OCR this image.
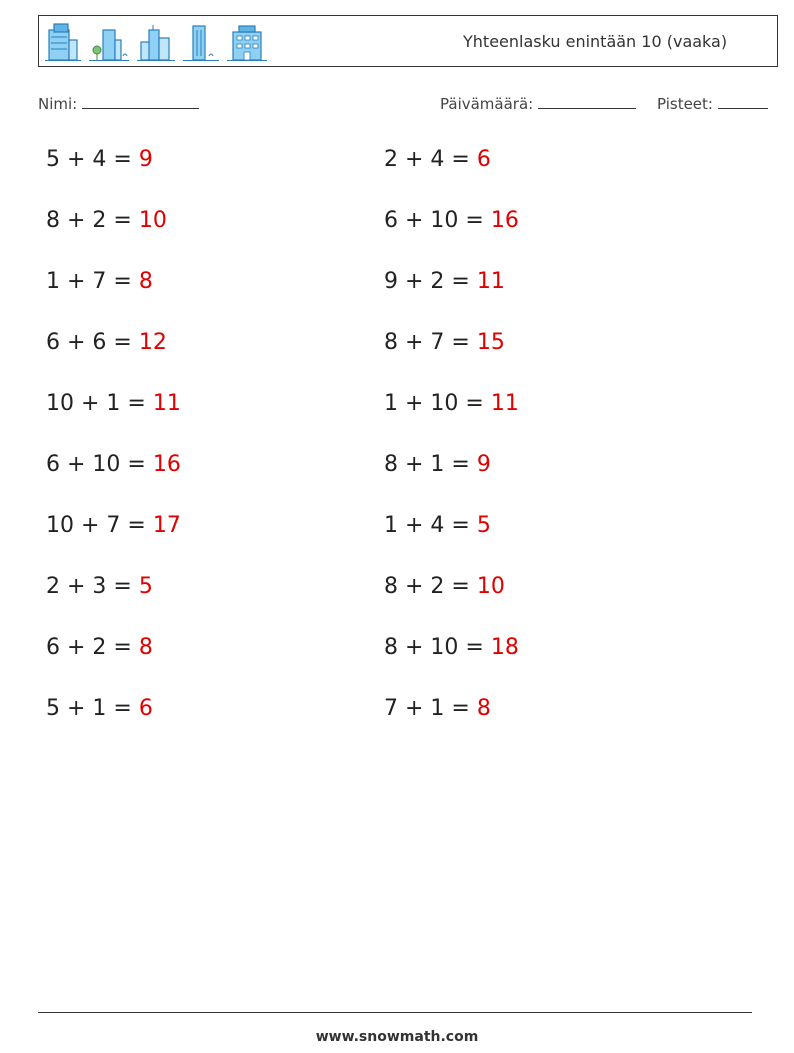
Yhteenlasku enintään 10 (vaaka)
Nimi:	Päivämäärä:	Pisteet:
5 + 4 = 9
8 + 2 = 10
1 + 7 = 8
6 + 6 = 12
10 + 1 = 11
6 + 10 = 16
10 + 7 = 17
2 + 3 = 5
6 + 2 = 8
5 + 1 = 6
2 + 4 = 6
6 + 10 = 16
9 + 2 = 11
8 + 7 = 15
1 + 10 = 11
8 + 1 = 9
1 + 4 = 5
8 + 2 = 10
8 + 10 = 18
7 + 1 = 8
www.snowmath.com
